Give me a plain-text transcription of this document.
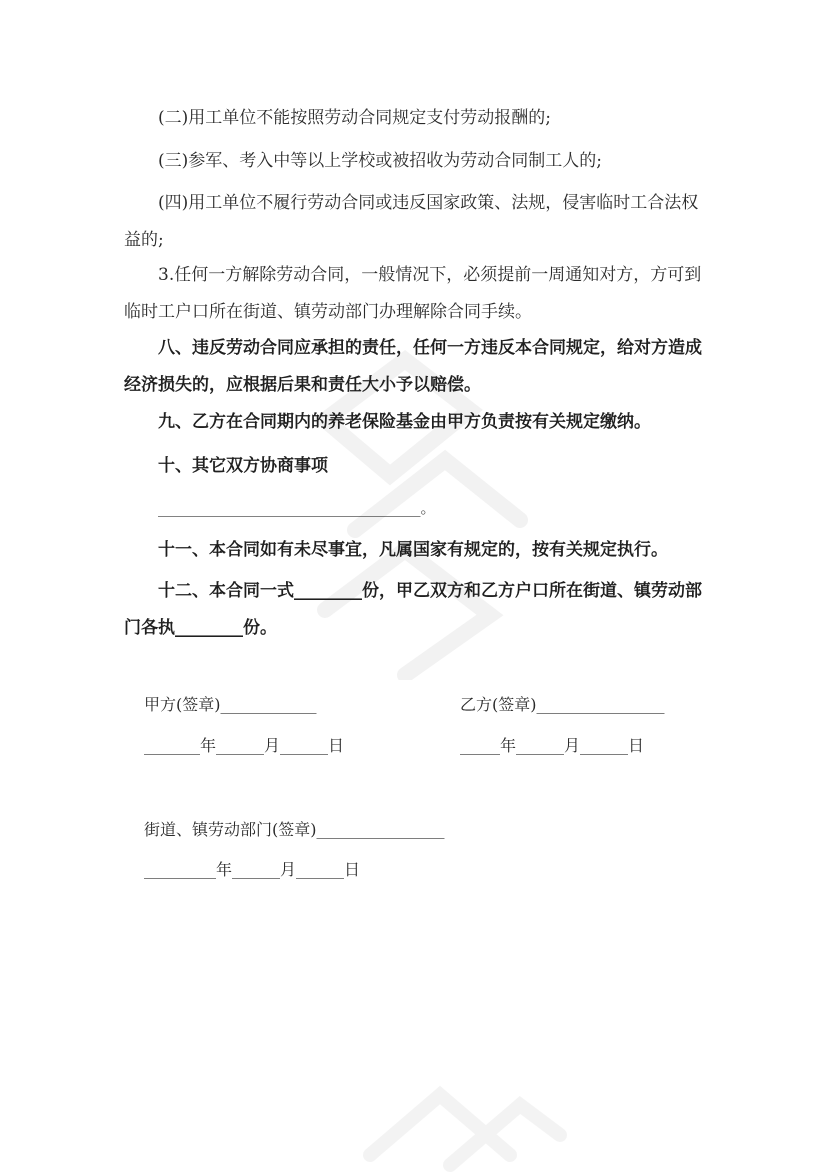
(二)用工单位不能按照劳动合同规定支付劳动报酬的;

(三)参军、考入中等以上学校或被招收为劳动合同制工人的;

(四)用工单位不履行劳动合同或违反国家政策、法规，侵害临时工合法权益的;

3.任何一方解除劳动合同，一般情况下，必须提前一周通知对方，方可到临时工户口所在街道、镇劳动部门办理解除合同手续。

八、违反劳动合同应承担的责任，任何一方违反本合同规定，给对方造成经济损失的，应根据后果和责任大小予以赔偿。

九、乙方在合同期内的养老保险基金由甲方负责按有关规定缴纳。

十、其它双方协商事项

___________________________________。

十一、本合同如有未尽事宜，凡属国家有规定的，按有关规定执行。

十二、本合同一式________份，甲乙双方和乙方户口所在街道、镇劳动部门各执________份。

甲方(签章)____________	乙方(签章)________________

_______年______月______日	_____年______月______日

街道、镇劳动部门(签章)________________

_________年______月______日
